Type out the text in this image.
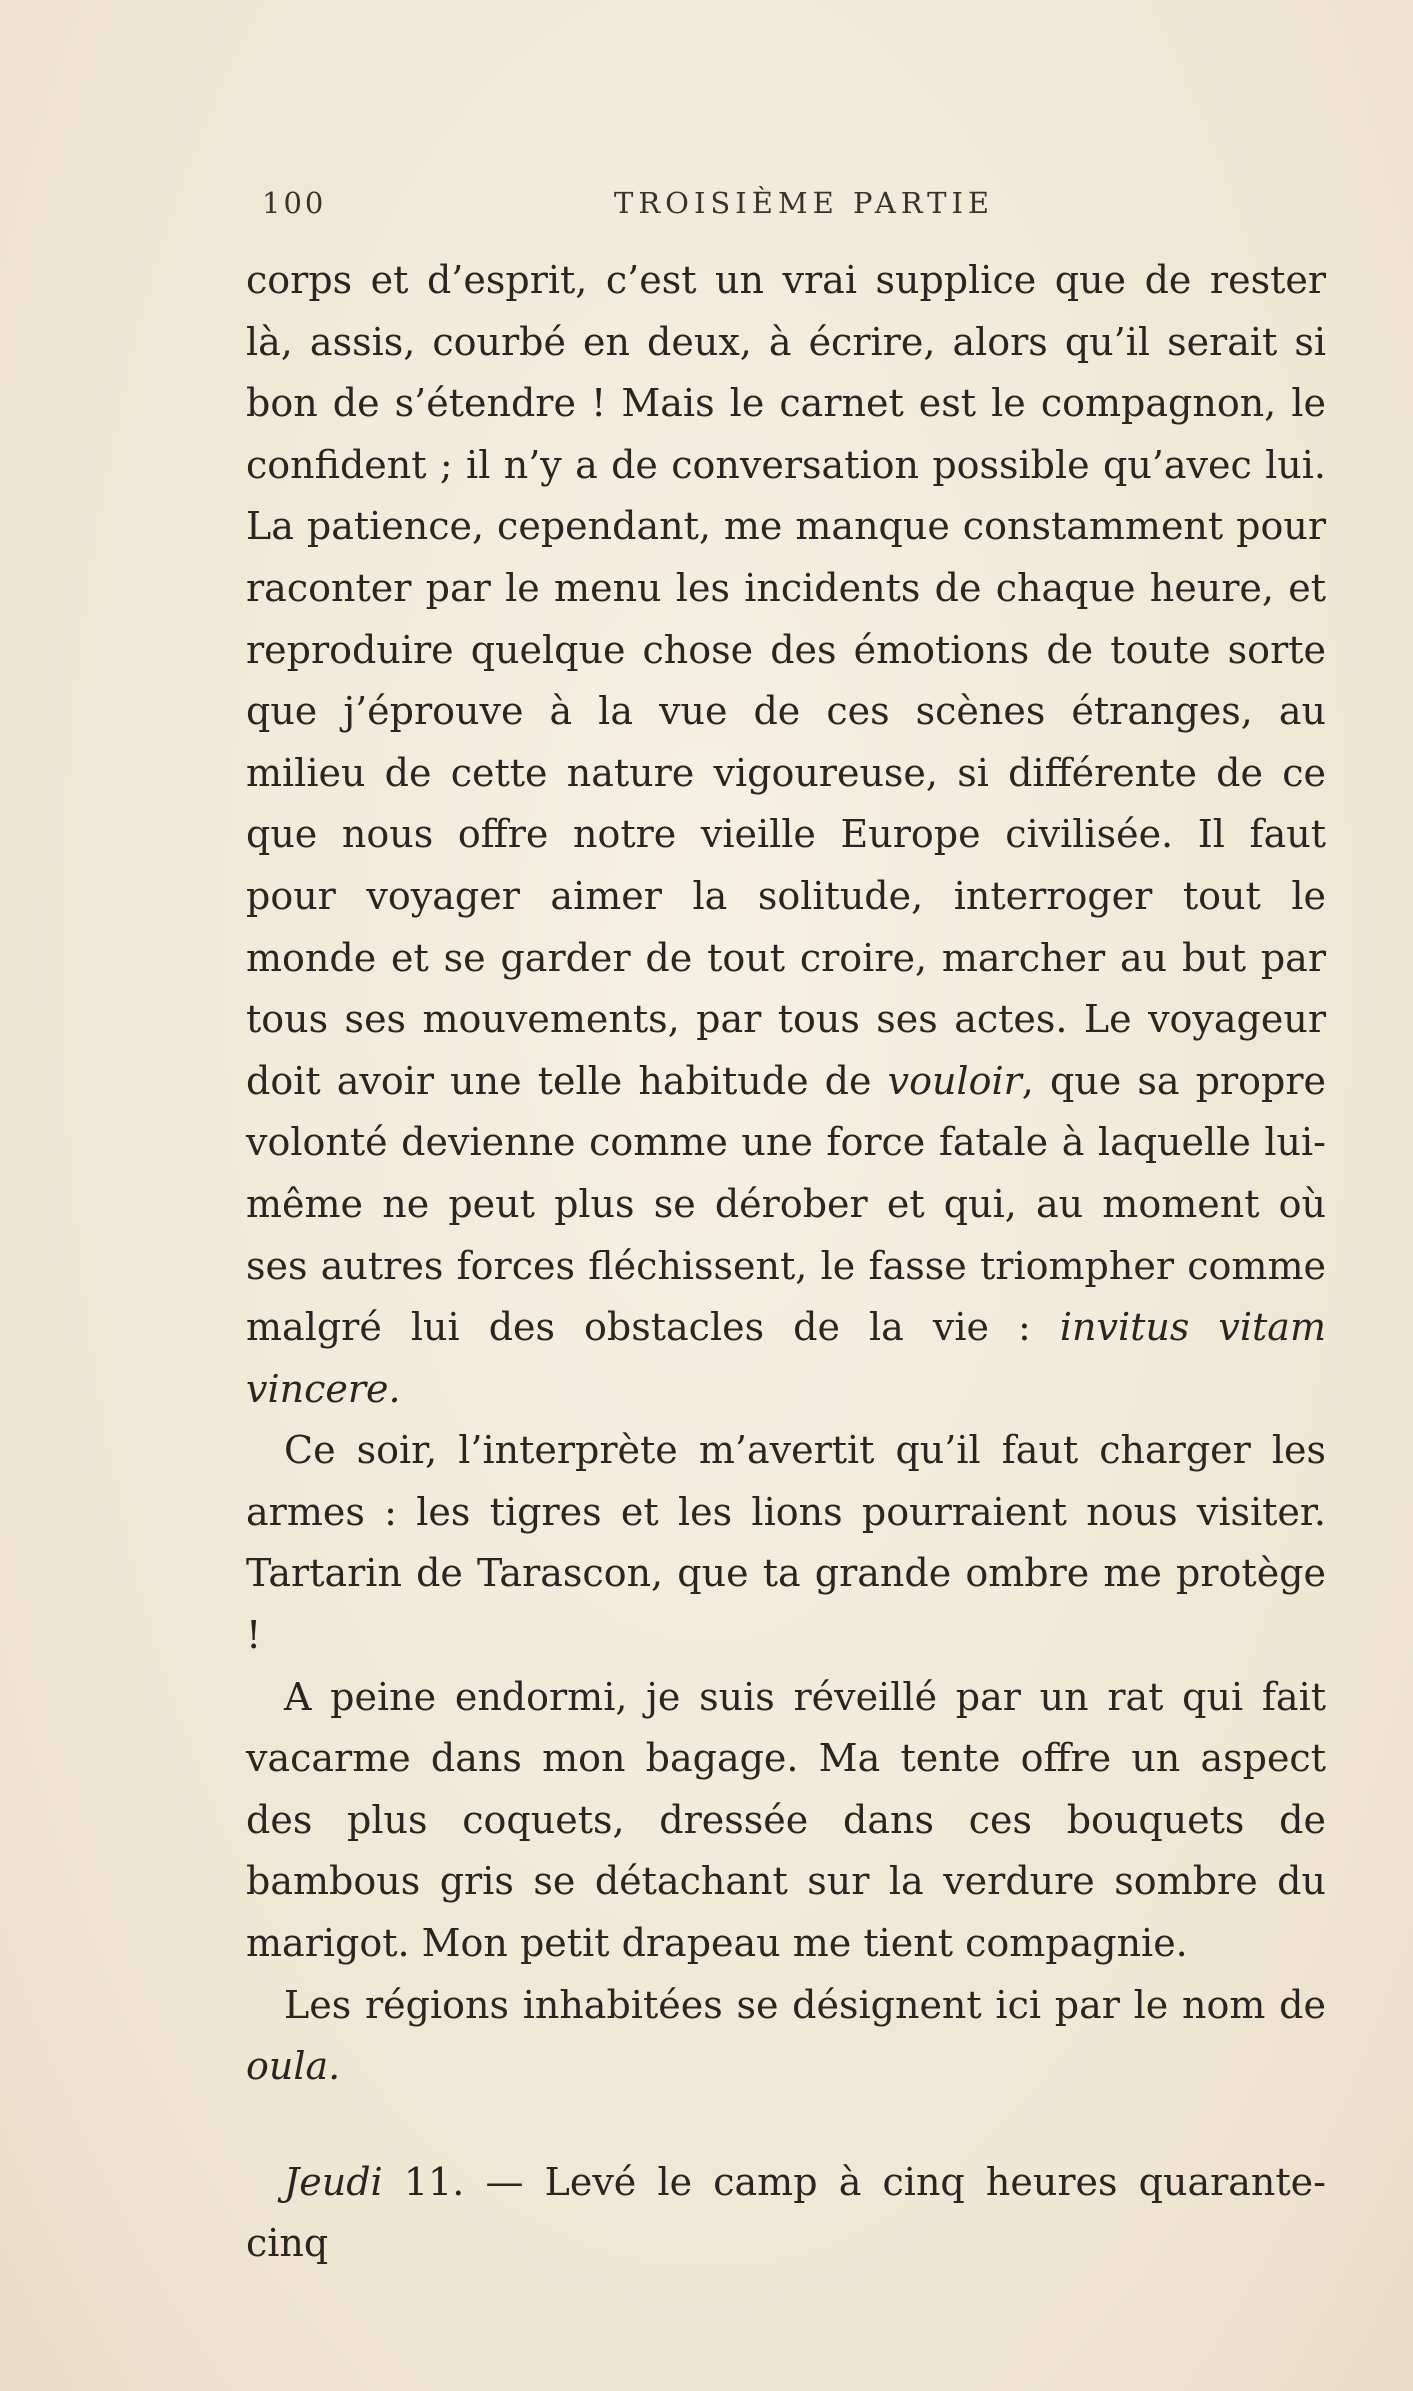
100	TROISIÈME PARTIE

corps et d’esprit, c’est un vrai supplice que de rester là, assis, courbé en deux, à écrire, alors qu’il serait si bon de s’étendre ! Mais le carnet est le compagnon, le confident ; il n’y a de conversation possible qu’avec lui. La patience, cependant, me manque constamment pour raconter par le menu les incidents de chaque heure, et reproduire quelque chose des émotions de toute sorte que j’éprouve à la vue de ces scènes étranges, au milieu de cette nature vigoureuse, si différente de ce que nous offre notre vieille Europe civilisée. Il faut pour voyager aimer la solitude, interroger tout le monde et se garder de tout croire, marcher au but par tous ses mouvements, par tous ses actes. Le voyageur doit avoir une telle habitude de vouloir, que sa propre volonté devienne comme une force fatale à laquelle lui-même ne peut plus se dérober et qui, au moment où ses autres forces fléchissent, le fasse triompher comme malgré lui des obstacles de la vie : invitus vitam vincere.

Ce soir, l’interprète m’avertit qu’il faut charger les armes : les tigres et les lions pourraient nous visiter. Tartarin de Tarascon, que ta grande ombre me protège !

A peine endormi, je suis réveillé par un rat qui fait vacarme dans mon bagage. Ma tente offre un aspect des plus coquets, dressée dans ces bouquets de bambous gris se détachant sur la verdure sombre du marigot. Mon petit drapeau me tient compagnie.

Les régions inhabitées se désignent ici par le nom de oula.

Jeudi 11. — Levé le camp à cinq heures quarante-cinq
